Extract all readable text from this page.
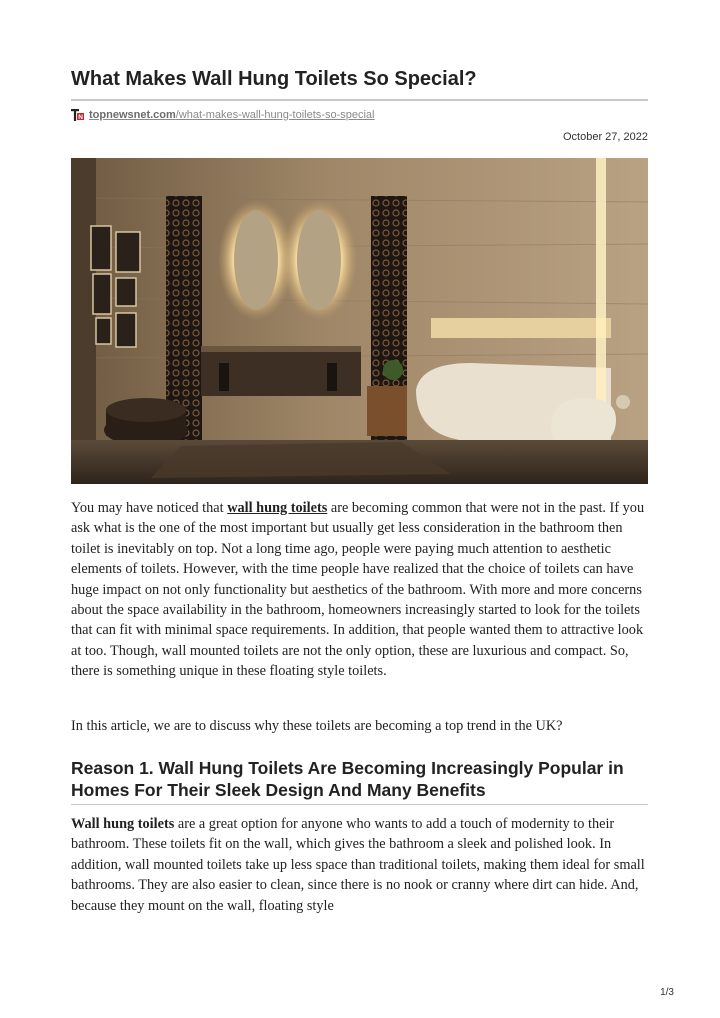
What Makes Wall Hung Toilets So Special?
N topnewsnet.com/what-makes-wall-hung-toilets-so-special
October 27, 2022

You may have noticed that wall hung toilets are becoming common that were not in the past. If you ask what is the one of the most important but usually get less consideration in the bathroom then toilet is inevitably on top. Not a long time ago, people were paying much attention to aesthetic elements of toilets. However, with the time people have realized that the choice of toilets can have huge impact on not only functionality but aesthetics of the bathroom. With more and more concerns about the space availability in the bathroom, homeowners increasingly started to look for the toilets that can fit with minimal space requirements. In addition, that people wanted them to attractive look at too. Though, wall mounted toilets are not the only option, these are luxurious and compact. So, there is something unique in these floating style toilets.

In this article, we are to discuss why these toilets are becoming a top trend in the UK?

Reason 1. Wall Hung Toilets Are Becoming Increasingly Popular in Homes For Their Sleek Design And Many Benefits

Wall hung toilets are a great option for anyone who wants to add a touch of modernity to their bathroom. These toilets fit on the wall, which gives the bathroom a sleek and polished look. In addition, wall mounted toilets take up less space than traditional toilets, making them ideal for small bathrooms. They are also easier to clean, since there is no nook or cranny where dirt can hide. And, because they mount on the wall, floating style

1/3
